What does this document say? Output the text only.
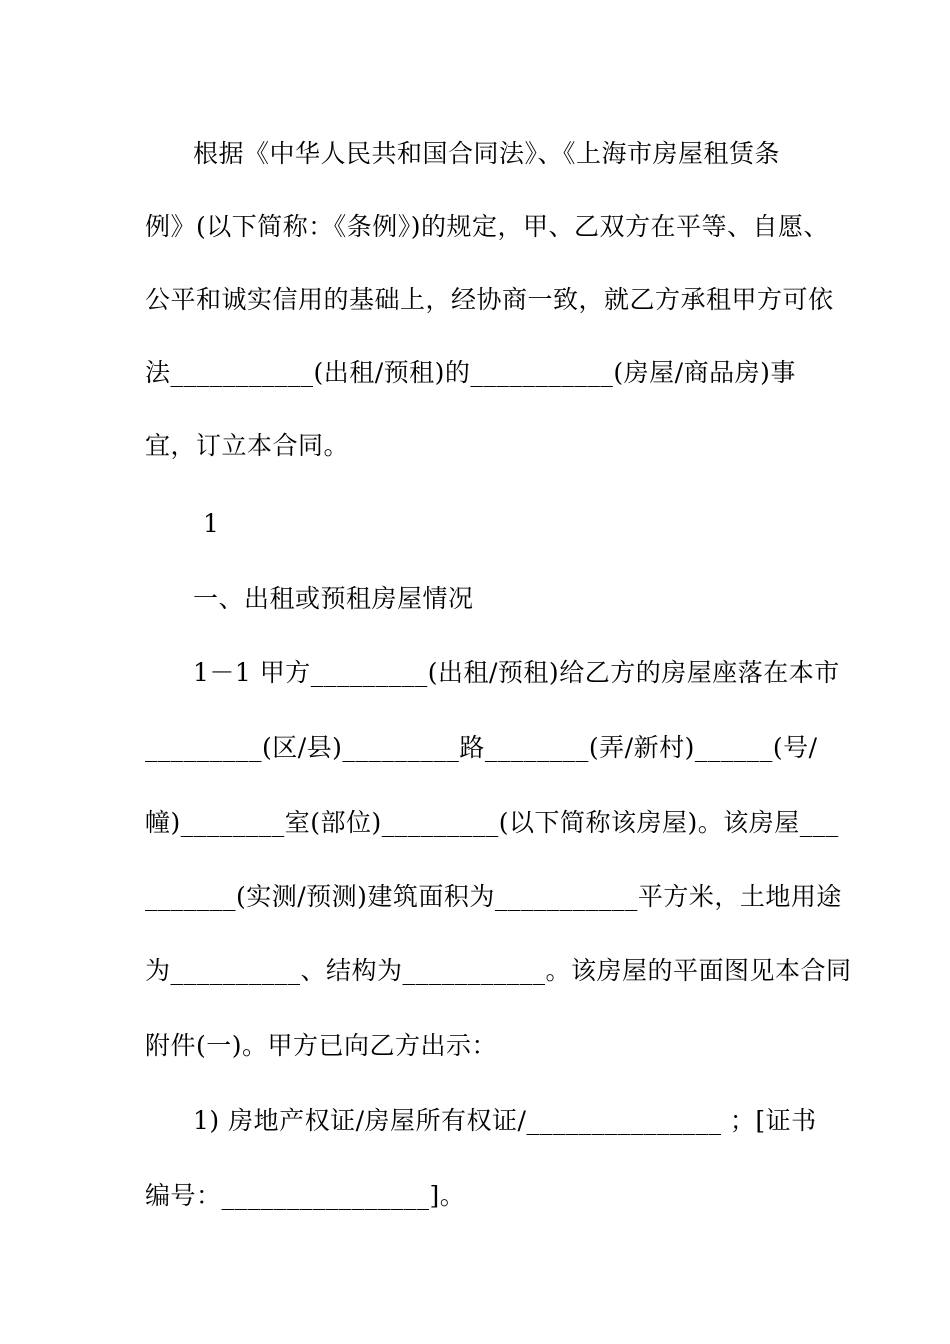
根据《中华人民共和国合同法》、《上海市房屋租赁条
例》(以下简称：《条例》)的规定，甲、乙双方在平等、自愿、
公平和诚实信用的基础上，经协商一致，就乙方承租甲方可依
法___________(出租/预租)的___________(房屋/商品房)事
宜，订立本合同。
1
一、出租或预租房屋情况
1－1 甲方_________(出租/预租)给乙方的房屋座落在本市
_________(区/县)_________路________(弄/新村)______(号/
幢)________室(部位)_________(以下简称该房屋)。该房屋___
_______(实测/预测)建筑面积为___________平方米，土地用途
为__________、结构为___________。该房屋的平面图见本合同
附件(一)。甲方已向乙方出示：
1) 房地产权证/房屋所有权证/_______________ ；[证书
编号：________________]。
